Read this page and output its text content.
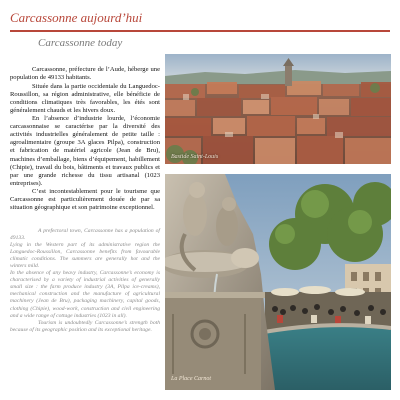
Carcassonne aujourd’hui
Carcassonne today

Carcassonne, préfecture de l’Aude, héberge une population de 49133 habitants.

Située dans la partie occidentale du Languedoc-Roussillon, sa région administrative, elle bénéficie de conditions climatiques très favorables, les étés sont généralement chauds et les hivers doux.

En l’absence d’industrie lourde, l’économie carcassonnaise se caractérise par la diversité des activités industrielles généralement de petite taille : agroalimentaire (groupe 3A glaces Pilpa), construction et fabrication de matériel agricole (Jean de Bru), machines d’emballage, biens d’équipement, habillement (Chipie), travail du bois, bâtiments et travaux publics et par une grande richesse du tissu artisanal (1023 entreprises).

C’est incontestablement pour le tourisme que Carcassonne est particulièrement douée de par sa situation géographique et son patrimoine exceptionnel.

A prefectoral town, Carcassonne has a population of 49133.

Lying in the Western part of its administrative region the Languedoc-Roussillon, Carcassonne benefits from favourable climatic conditions. The summers are generally hot and the winters mild.

In the absence of any heavy industry, Carcassonne’s economy is characterised by a variety of industrial activities of generally small size : the farm produce industry (3A, Pilpa ice-creams), mechanical construction and the manufacture of agricultural machinery (Jean de Bru), packaging machinery, capital goods, clothing (Chipie), wood-work, construction and civil engineering and a wide range of cottage industries (1023 in all).

Tourism is undoubtedly Carcassonne’s strength both because of its geographic position and its exceptional heritage.

Bastide Saint-Louis
La Place Carnot
